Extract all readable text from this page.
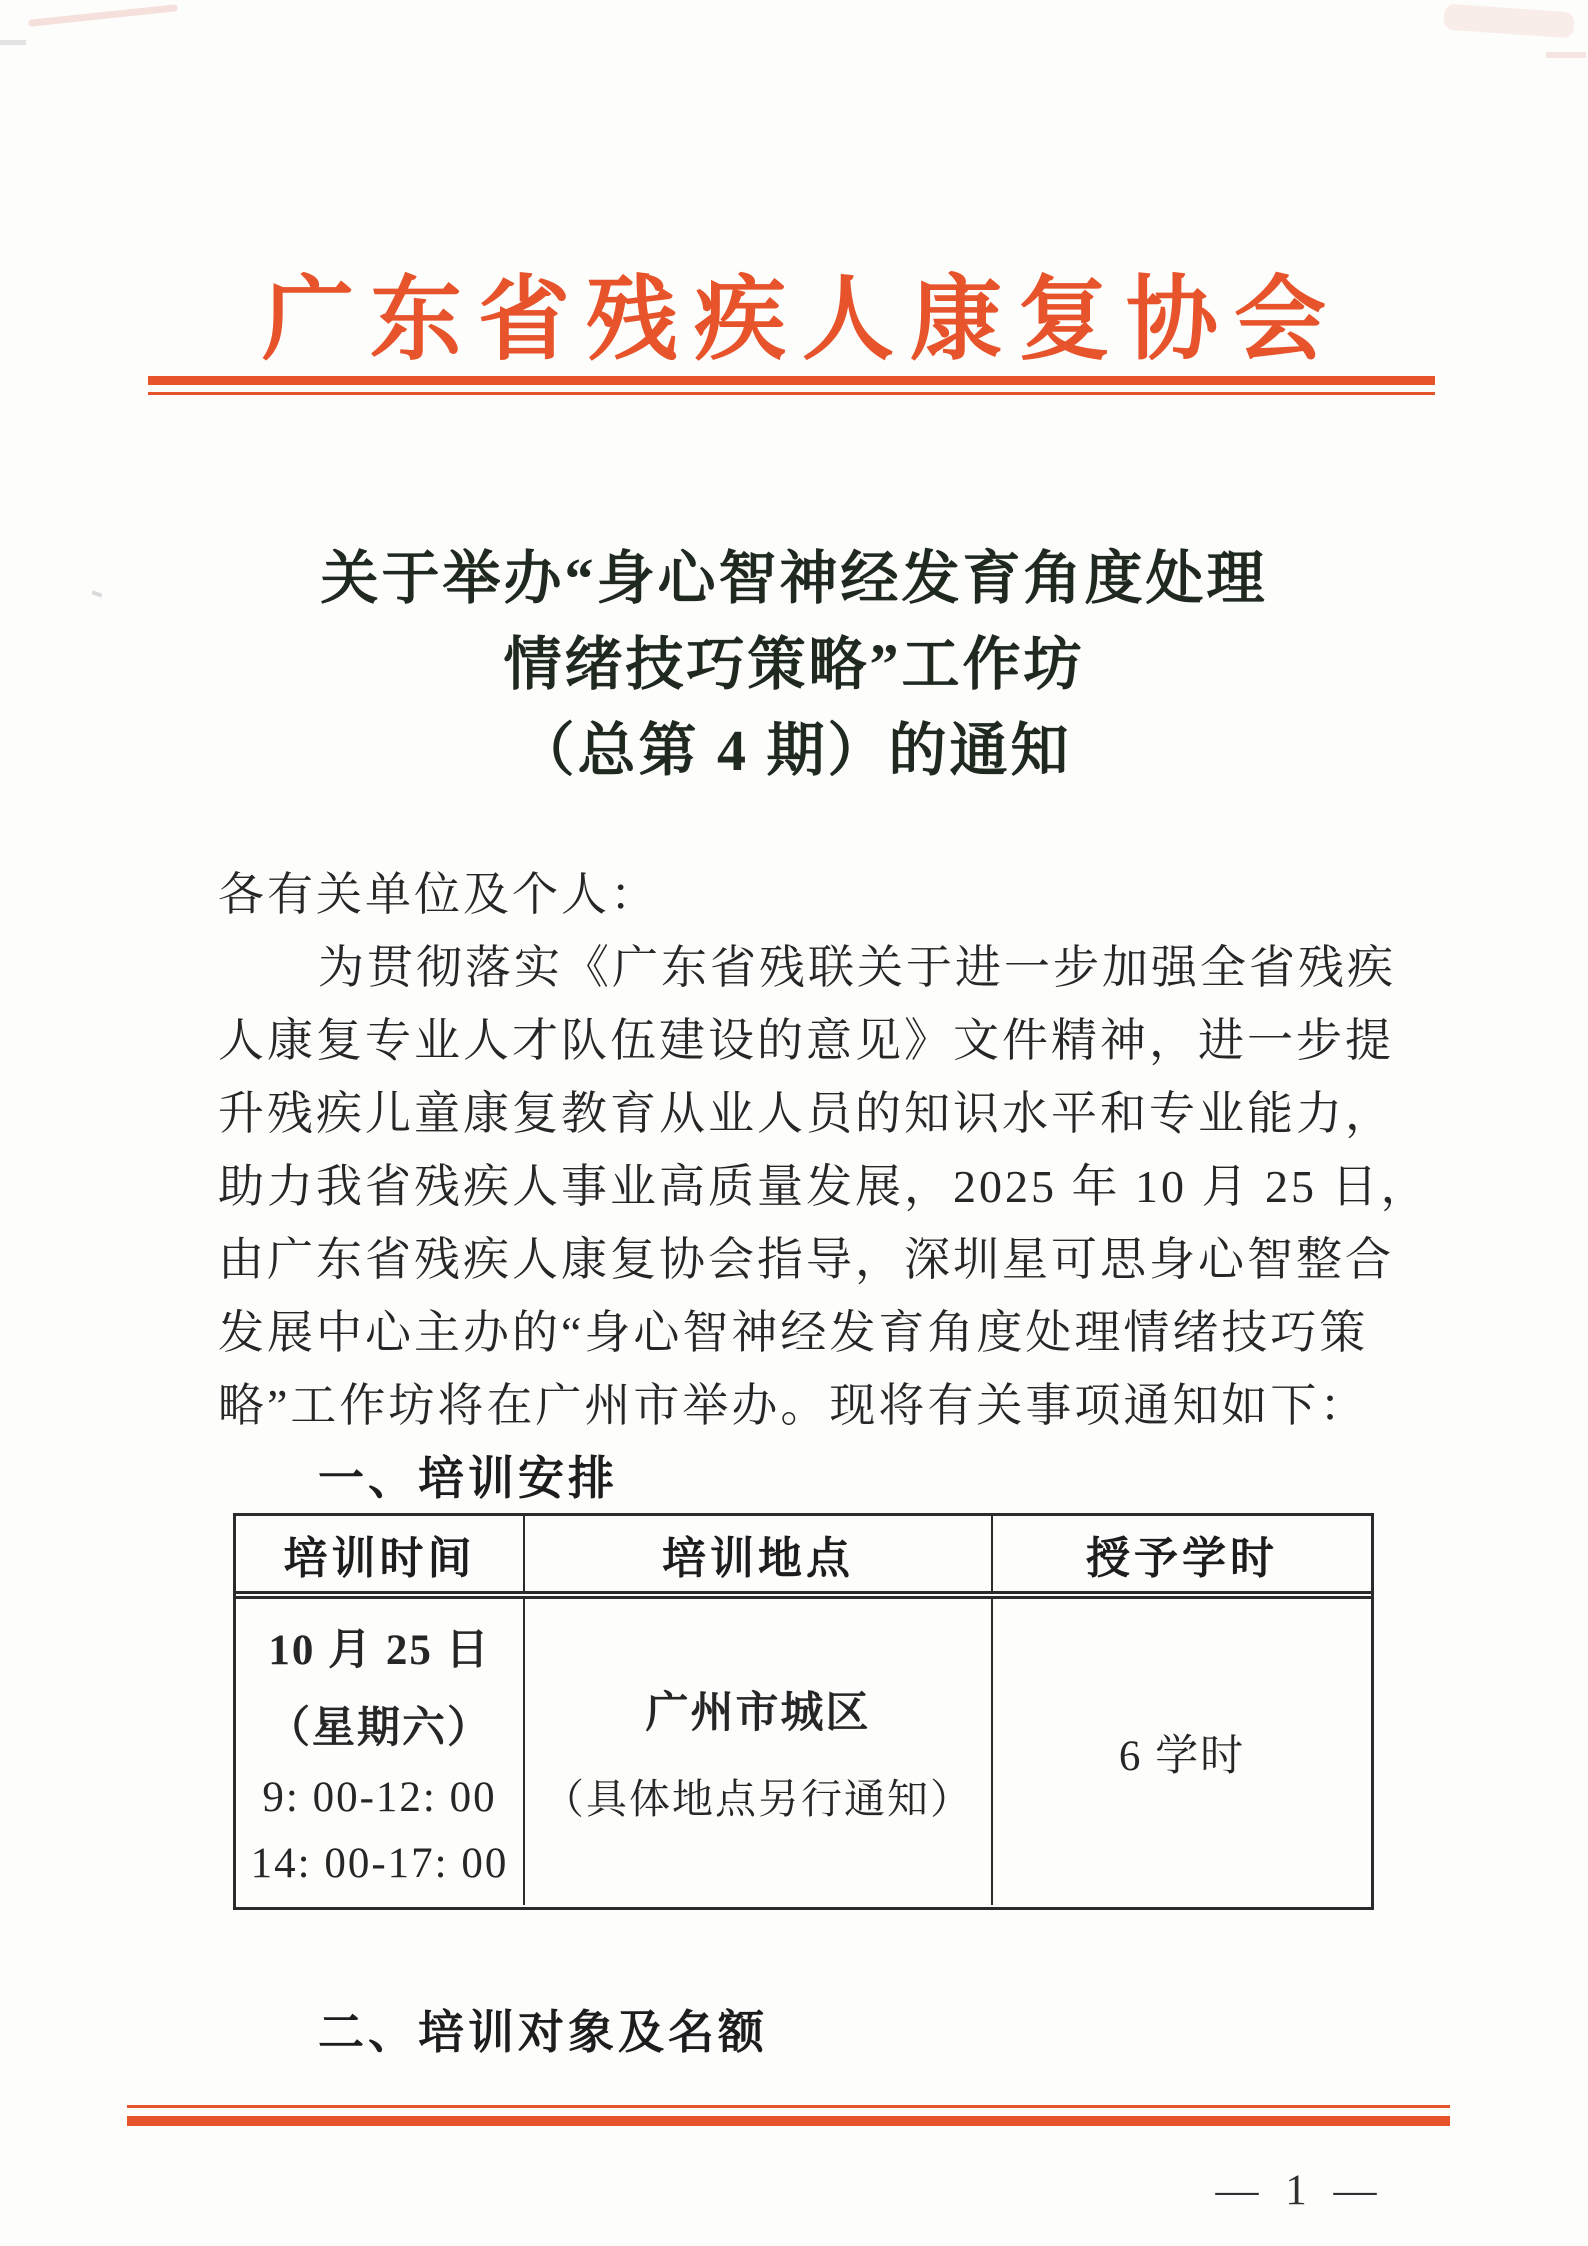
广东省残疾人康复协会
关于举办“身心智神经发育角度处理
情绪技巧策略”工作坊
（总第 4 期）的通知
各有关单位及个人：
为贯彻落实《广东省残联关于进一步加强全省残疾
人康复专业人才队伍建设的意见》文件精神，进一步提
升残疾儿童康复教育从业人员的知识水平和专业能力，
助力我省残疾人事业高质量发展，2025 年 10 月 25 日，
由广东省残疾人康复协会指导，深圳星可思身心智整合
发展中心主办的“身心智神经发育角度处理情绪技巧策
略”工作坊将在广州市举办。现将有关事项通知如下：
一、培训安排
培训时间	培训地点	授予学时
10 月 25 日
（星期六）
9: 00-12: 00
14: 00-17: 00
广州市城区
（具体地点另行通知）
6 学时
二、培训对象及名额
— 1 —
